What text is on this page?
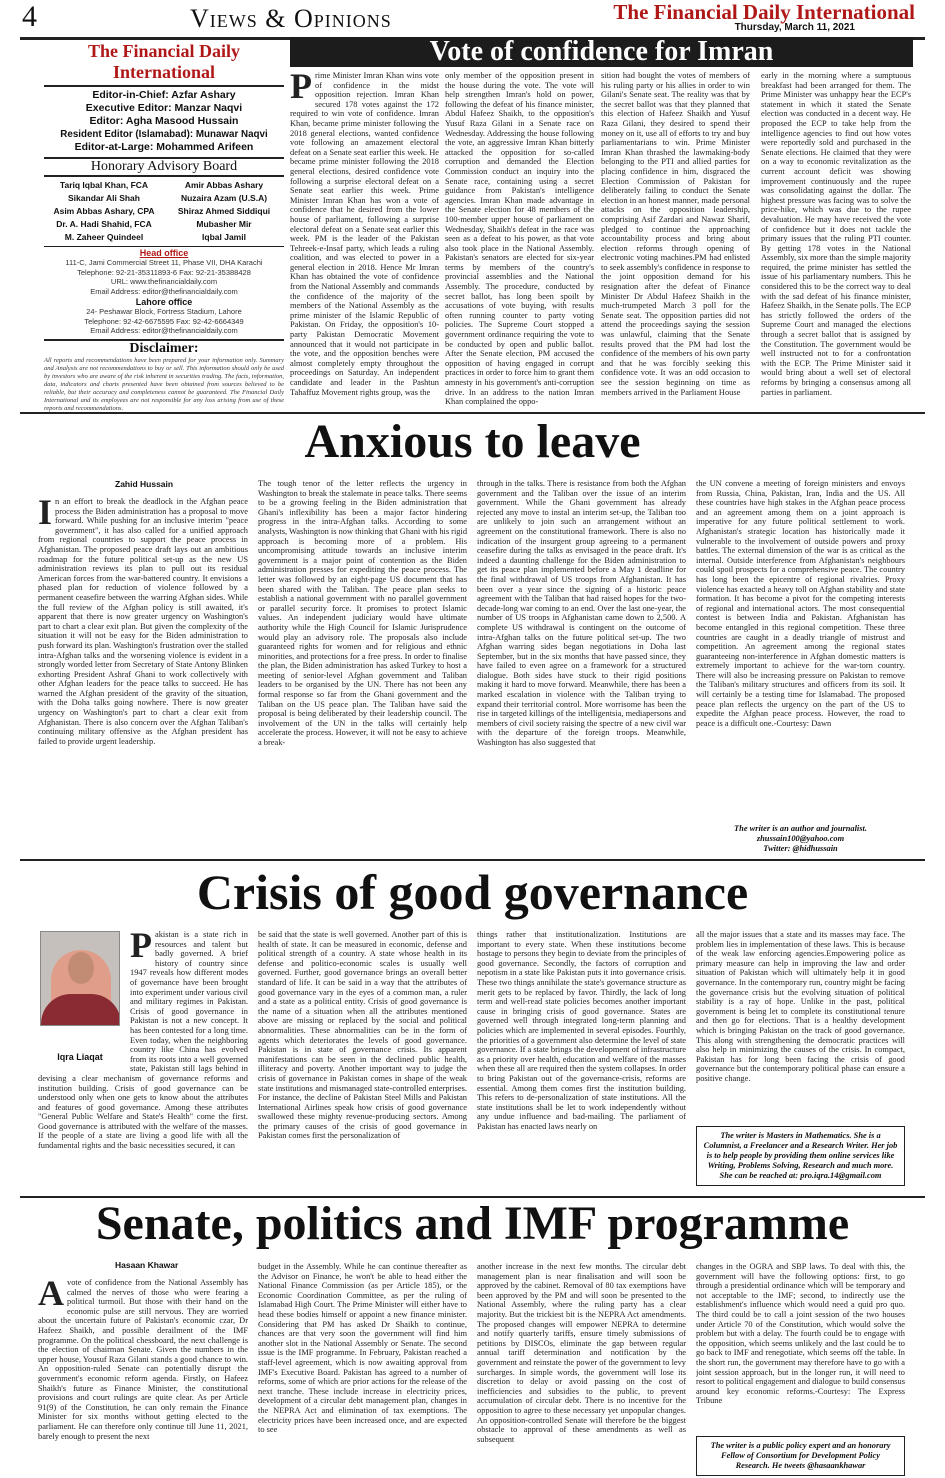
4	Views & Opinions	The Financial Daily International
Thursday, March 11, 2021
The Financial Daily International
Editor-in-Chief: Azfar Ashary
Executive Editor: Manzar Naqvi
Editor: Agha Masood Hussain
Resident Editor (Islamabad): Munawar Naqvi
Editor-at-Large: Mohammed Arifeen
Honorary Advisory Board
Tariq Iqbal Khan, FCA	Amir Abbas Ashary
Sikandar Ali Shah	Nuzaira Azam (U.S.A)
Asim Abbas Ashary, CPA	Shiraz Ahmed Siddiqui
Dr. A. Hadi Shahid, FCA	Mubasher Mir
M. Zaheer Quindeel	Iqbal Jamil
Head office
111-C, Jami Commercial Street 11, Phase VII, DHA Karachi
Telephone: 92-21-35311893-6 Fax: 92-21-35388428
URL: www.thefinancialdaily.com
Email Address: editor@thefinancialdaily.com
Lahore office
24- Peshawar Block, Fortress Stadium, Lahore
Telephone: 92-42-6675595 Fax: 92-42-6664349
Email Address: editor@thefinancialdaily.com
Disclaimer:
All reports and recommendations have been prepared for your information only. Summary and Analysis are not recommendations to buy or sell. This information should only be used by investors who are aware of the risk inherent in securities trading. The facts, information, data, indicators and charts presented have been obtained from sources believed to be reliable, but their accuracy and completeness cannot be guaranteed. The Financial Daily International and its employees are not responsible for any loss arising from use of these reports and recommendations.
Vote of confidence for Imran
Prime Minister Imran Khan wins vote of confidence in the midst opposition rejection. Imran Khan secured 178 votes against the 172 required to win vote of confidence. Imran Khan, became prime minister following the 2018 general elections, wanted confidence vote following an amazement electoral defeat on a Senate seat earlier this week. He became prime minister following the 2018 general elections, desired confidence vote following a surprise electoral defeat on a Senate seat earlier this week. Prime Minister Imran Khan has won a vote of confidence that he desired from the lower house of parliament, following a surprise electoral defeat on a Senate seat earlier this week. PM is the leader of the Pakistan Tehreek-e-Insaf party, which leads a ruling coalition, and was elected to power in a general election in 2018. Hence Mr Imran Khan has obtained the vote of confidence from the National Assembly and commands the confidence of the majority of the members of the National Assembly as the prime minister of the Islamic Republic of Pakistan. On Friday, the opposition's 10-party Pakistan Democratic Movement announced that it would not participate in the vote, and the opposition benches were almost completely empty throughout the proceedings on Saturday. An independent candidate and leader in the Pashtun Tahaffuz Movement rights group, was the
only member of the opposition present in the house during the vote. The vote will help strengthen Imran's hold on power, following the defeat of his finance minister, Abdul Hafeez Shaikh, to the opposition's Yusuf Raza Gilani in a Senate race on Wednesday. Addressing the house following the vote, an aggressive Imran Khan bitterly attacked the opposition for so-called corruption and demanded the Election Commission conduct an inquiry into the Senate race, containing using a secret guidance from Pakistan's intelligence agencies. Imran Khan made advantage in the Senate election for 48 members of the 100-member upper house of parliament on Wednesday, Shaikh's defeat in the race was seen as a defeat to his power, as that vote also took place in the National Assembly. Pakistan's senators are elected for six-year terms by members of the country's provincial assemblies and the National Assembly. The procedure, conducted by secret ballot, has long been spoilt by accusations of vote buying, with results often running counter to party voting policies. The Supreme Court stopped a government ordinance requiring the vote to be conducted by open and public ballot. After the Senate election, PM accused the opposition of having engaged in corrupt practices in order to force him to grant them amnesty in his government's anti-corruption drive. In an address to the nation Imran Khan complained the oppo-
sition had bought the votes of members of his ruling party or his allies in order to win Gilani's Senate seat. The reality was that by the secret ballot was that they planned that this election of Hafeez Shaikh and Yusuf Raza Gilani, they desired to spend their money on it, use all of efforts to try and buy parliamentarians to win. Prime Minister Imran Khan thrashed the lawmaking-body belonging to the PTI and allied parties for placing confidence in him, disgraced the Election Commission of Pakistan for deliberately failing to conduct the Senate election in an honest manner, made personal attacks on the opposition leadership, comprising Asif Zardari and Nawaz Sharif, pledged to continue the approaching accountability process and bring about election reforms through opening of electronic voting machines.PM had enlisted to seek assembly's confidence in response to the joint opposition demand for his resignation after the defeat of Finance Minister Dr Abdul Hafeez Shaikh in the much-trumpeted March 3 poll for the Senate seat. The opposition parties did not attend the proceedings saying the session was unlawful, claiming that the Senate results proved that the PM had lost the confidence of the members of his own party and that he was forcibly seeking this confidence vote. It was an odd occasion to see the session beginning on time as members arrived in the Parliament House
early in the morning where a sumptuous breakfast had been arranged for them. The Prime Minister was unhappy hear the ECP's statement in which it stated the Senate election was conducted in a decent way. He proposed the ECP to take help from the intelligence agencies to find out how votes were reportedly sold and purchased in the Senate elections. He claimed that they were on a way to economic revitalization as the current account deficit was showing improvement continuously and the rupee was consolidating against the dollar. The highest pressure was facing was to solve the price-hike, which was due to the rupee devaluation. He may have received the vote of confidence but it does not tackle the primary issues that the ruling PTI counter. By getting 178 votes in the National Assembly, six more than the simple majority required, the prime minister has settled the issue of his parliamentary numbers. This he considered this to be the correct way to deal with the sad defeat of his finance minister, Hafeez Shaikh, in the Senate polls. The ECP has strictly followed the orders of the Supreme Court and managed the elections through a secret ballot that is assigned by the Constitution. The government would be well instructed not to for a confrontation with the ECP. The Prime Minister said it would bring about a well set of electoral reforms by bringing a consensus among all parties in parliament.
Anxious to leave
Zahid Hussain
In an effort to break the deadlock in the Afghan peace process the Biden administration has a proposal to move forward. While pushing for an inclusive interim "peace government", it has also called for a unified approach from regional countries to support the peace process in Afghanistan. The proposed peace draft lays out an ambitious roadmap for the future political set-up as the new US administration reviews its plan to pull out its residual American forces from the war-battered country. It envisions a phased plan for reduction of violence followed by a permanent ceasefire between the warring Afghan sides. While the full review of the Afghan policy is still awaited, it's apparent that there is now greater urgency on Washington's part to chart a clear exit plan. But given the complexity of the situation it will not be easy for the Biden administration to push forward its plan. Washington's frustration over the stalled intra-Afghan talks and the worsening violence is evident in a strongly worded letter from Secretary of State Antony Blinken exhorting President Ashraf Ghani to work collectively with other Afghan leaders for the peace talks to succeed. He has warned the Afghan president of the gravity of the situation, with the Doha talks going nowhere. There is now greater urgency on Washington's part to chart a clear exit from Afghanistan. There is also concern over the Afghan Taliban's continuing military offensive as the Afghan president has failed to provide urgent leadership.
The tough tenor of the letter reflects the urgency in Washington to break the stalemate in peace talks. There seems to be a growing feeling in the Biden administration that Ghani's inflexibility has been a major factor hindering progress in the intra-Afghan talks. According to some analysts, Washington is now thinking that Ghani with his rigid approach is becoming more of a problem. His uncompromising attitude towards an inclusive interim government is a major point of contention as the Biden administration presses for expediting the peace process. The letter was followed by an eight-page US document that has been shared with the Taliban. The peace plan seeks to establish a national government with no parallel government or parallel security force. It promises to protect Islamic values. An independent judiciary would have ultimate authority while the High Council for Islamic Jurisprudence would play an advisory role. The proposals also include guaranteed rights for women and for religious and ethnic minorities, and protections for a free press. In order to finalise the plan, the Biden administration has asked Turkey to host a meeting of senior-level Afghan government and Taliban leaders to be organised by the UN. There has not been any formal response so far from the Ghani government and the Taliban on the US peace plan. The Taliban have said the proposal is being deliberated by their leadership council. The involvement of the UN in the talks will certainly help accelerate the process. However, it will not be easy to achieve a break-
through in the talks. There is resistance from both the Afghan government and the Taliban over the issue of an interim government. While the Ghani government has already rejected any move to instal an interim set-up, the Taliban too are unlikely to join such an arrangement without an agreement on the constitutional framework. There is also no indication of the insurgent group agreeing to a permanent ceasefire during the talks as envisaged in the peace draft. It's indeed a daunting challenge for the Biden administration to get its peace plan implemented before a May 1 deadline for the final withdrawal of US troops from Afghanistan. It has been over a year since the signing of a historic peace agreement with the Taliban that had raised hopes for the two-decade-long war coming to an end. Over the last one-year, the number of US troops in Afghanistan came down to 2,500. A complete US withdrawal is contingent on the outcome of intra-Afghan talks on the future political set-up. The two Afghan warring sides began negotiations in Doha last September, but in the six months that have passed since, they have failed to even agree on a framework for a structured dialogue. Both sides have stuck to their rigid positions making it hard to move forward. Meanwhile, there has been a marked escalation in violence with the Taliban trying to expand their territorial control. More worrisome has been the rise in targeted killings of the intelligentsia, mediapersons and members of civil society raising the spectre of a new civil war with the departure of the foreign troops. Meanwhile, Washington has also suggested that
the UN convene a meeting of foreign ministers and envoys from Russia, China, Pakistan, Iran, India and the US. All these countries have high stakes in the Afghan peace process and an agreement among them on a joint approach is imperative for any future political settlement to work. Afghanistan's strategic location has historically made it vulnerable to the involvement of outside powers and proxy battles. The external dimension of the war is as critical as the internal. Outside interference from Afghanistan's neighbours could spoil prospects for a comprehensive peace. The country has long been the epicentre of regional rivalries. Proxy violence has exacted a heavy toll on Afghan stability and state formation. It has become a pivot for the competing interests of regional and international actors. The most consequential contest is between India and Pakistan. Afghanistan has become entangled in this regional competition. These three countries are caught in a deadly triangle of mistrust and competition. An agreement among the regional states guaranteeing non-interference in Afghan domestic matters is extremely important to achieve for the war-torn country. There will also be increasing pressure on Pakistan to remove the Taliban's military structures and officers from its soil. It will certainly be a testing time for Islamabad. The proposed peace plan reflects the urgency on the part of the US to expedite the Afghan peace process. However, the road to peace is a difficult one.-Courtesy: Dawn
The writer is an author and journalist.
zhussain100@yahoo.com
Twitter: @hidhussain
Crisis of good governance
Iqra Liaqat
Pakistan is a state rich in resources and talent but badly governed. A brief history of country since 1947 reveals how different modes of governance have been brought into experiment under various civil and military regimes in Pakistan. Crisis of good governance in Pakistan is not a new concept. It has been contested for a long time. Even today, when the neighboring country like China has evolved from its roots into a well governed state, Pakistan still lags behind in devising a clear mechanism of governance reforms and institution building. Crisis of good governance can be understood only when one gets to know about the attributes and features of good governance. Among these attributes "General Public Welfare and State's Health" come the first. Good governance is attributed with the welfare of the masses. If the people of a state are living a good life with all the fundamental rights and the basic necessities secured, it can
be said that the state is well governed. Another part of this is health of state. It can be measured in economic, defense and political strength of a country. A state whose health in its defense and politico-economic scales is usually well governed. Further, good governance brings an overall better standard of life. It can be said in a way that the attributes of good governance vary in the eyes of a common man, a ruler and a state as a political entity. Crisis of good governance is the name of a situation when all the attributes mentioned above are missing or replaced by the social and political abnormalities. These abnormalities can be in the form of agents which deteriorates the levels of good governance. Pakistan is in state of governance crisis. Its apparent manifestations can be seen in the declined public health, illiteracy and poverty. Another important way to judge the crisis of governance in Pakistan comes in shape of the weak state institutions and mismanaged state-controlled enterprises. For instance, the decline of Pakistan Steel Mills and Pakistan International Airlines speak how crisis of good governance swallowed these mighty revenue-producing sectors. Among the primary causes of the crisis of good governance in Pakistan comes first the personalization of
things rather that institutionalization. Institutions are important to every state. When these institutions become hostage to persons they begin to deviate from the principles of good governance. Secondly, the factors of corruption and nepotism in a state like Pakistan puts it into governance crisis. These two things annihilate the state's governance structure as merit gets to be replaced by favor. Thirdly, the lack of long term and well-read state policies becomes another important cause in bringing crisis of good governance. States are governed well through integrated long-term planning and policies which are implemented in several episodes. Fourthly, the priorities of a government also determine the level of state governance. If a state brings the development of infrastructure as a priority over health, education and welfare of the masses when these all are required then the system collapses. In order to bring Pakistan out of the governance-crisis, reforms are essential. Among them comes first the institution building. This refers to de-personalization of state institutions. All the state institutions shall be let to work independently without any undue influence and bad-mailing. The parliament of Pakistan has enacted laws nearly on
all the major issues that a state and its masses may face. The problem lies in implementation of these laws. This is because of the weak law enforcing agencies.Empowering police as primary measure can help in improving the law and order situation of Pakistan which will ultimately help it in good governance. In the contemporary run, country might be facing the governance crisis but the evolving situation of political stability is a ray of hope. Unlike in the past, political government is being let to complete its constitutional tenure and then go for elections. That is a healthy development which is bringing Pakistan on the track of good governance. This along with strengthening the democratic practices will also help in minimizing the causes of the crisis. In compact, Pakistan has for long been facing the crisis of good governance but the contemporary political phase can ensure a positive change.
The writer is Masters in Mathematics. She is a Columnist, a Freelancer and a Research Writer. Her job is to help people by providing them online services like Writing, Problems Solving, Research and much more. She can be reached at: pro.iqra.14@gmail.com
Senate, politics and IMF programme
Hasaan Khawar
A vote of confidence from the National Assembly has calmed the nerves of those who were fearing a political turmoil. But those with their hand on the economic pulse are still nervous. They are worried about the uncertain future of Pakistan's economic czar, Dr Hafeez Shaikh, and possible derailment of the IMF programme. On the political chessboard, the next challenge is the election of chairman Senate. Given the numbers in the upper house, Yousuf Raza Gilani stands a good chance to win. An opposition-ruled Senate can potentially disrupt the government's economic reform agenda. Firstly, on Hafeez Shaikh's future as Finance Minister, the constitutional provisions and court rulings are quite clear. As per Article 91(9) of the Constitution, he can only remain the Finance Minister for six months without getting elected to the parliament. He can therefore only continue till June 11, 2021, barely enough to present the next
budget in the Assembly. While he can continue thereafter as the Advisor on Finance, he won't be able to head either the National Finance Commission (as per Article 185), or the Economic Coordination Committee, as per the ruling of Islamabad High Court. The Prime Minister will either have to head these bodies himself or appoint a new finance minister. Considering that PM has asked Dr Shaikh to continue, chances are that very soon the government will find him another slot in the National Assembly or Senate. The second issue is the IMF programme. In February, Pakistan reached a staff-level agreement, which is now awaiting approval from IMF's Executive Board. Pakistan has agreed to a number of reforms, some of which are prior actions for the release of the next tranche. These include increase in electricity prices, development of a circular debt management plan, changes in the NEPRA Act and elimination of tax exemptions. The electricity prices have been increased once, and are expected to see
another increase in the next few months. The circular debt management plan is near finalisation and will soon be approved by the cabinet. Removal of 80 tax exemptions have been approved by the PM and will soon be presented to the National Assembly, where the ruling party has a clear majority. But the trickiest bit is the NEPRA Act amendments. The proposed changes will empower NEPRA to determine and notify quarterly tariffs, ensure timely submissions of petitions by DISCOs, eliminate the gap between regular annual tariff determination and notification by the government and reinstate the power of the government to levy surcharges. In simple words, the government will lose its discretion to delay or avoid passing on the cost of inefficiencies and subsidies to the public, to prevent accumulation of circular debt. There is no incentive for the opposition to agree to these necessary yet unpopular changes. An opposition-controlled Senate will therefore be the biggest obstacle to approval of these amendments as well as subsequent
changes in the OGRA and SBP laws. To deal with this, the government will have the following options: first, to go through a presidential ordinance which will be temporary and not acceptable to the IMF; second, to indirectly use the establishment's influence which would need a quid pro quo. The third could be to call a joint session of the two houses under Article 70 of the Constitution, which would solve the problem but with a delay. The fourth could be to engage with the opposition, which seems unlikely and the last could be to go back to IMF and renegotiate, which seems off the table. In the short run, the government may therefore have to go with a joint session approach, but in the longer run, it will need to resort to political engagement and dialogue to build consensus around key economic reforms.-Courtesy: The Express Tribune
The writer is a public policy expert and an honorary Fellow of Consortium for Development Policy Research. He tweets @hasaankhawar
